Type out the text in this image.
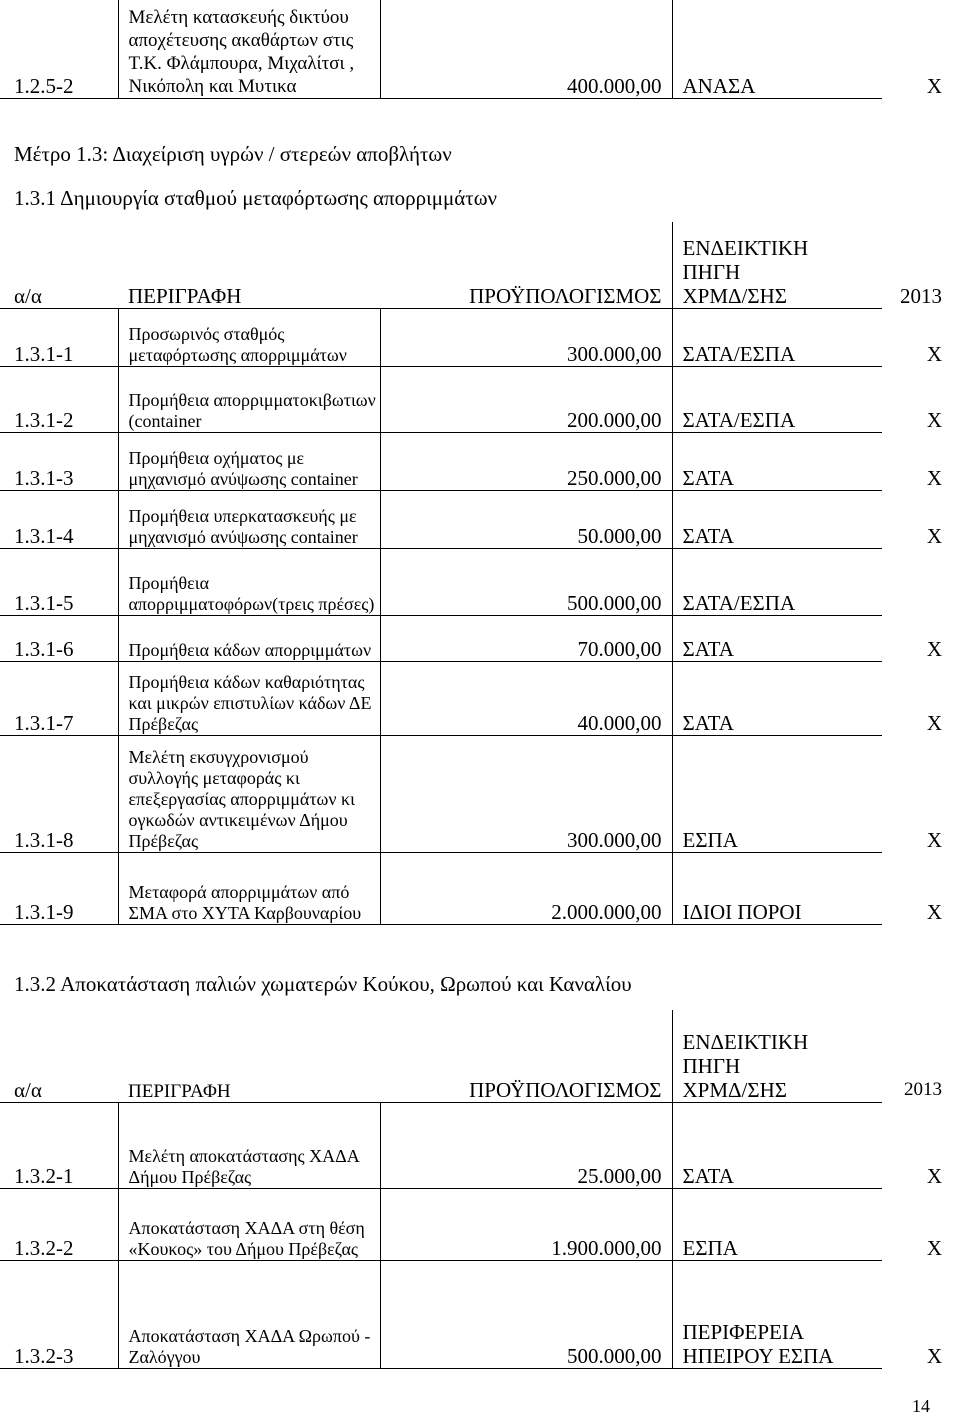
1.2.5-2	Μελέτη κατασκευής δικτύου αποχέτευσης ακαθάρτων στις Τ.Κ. Φλάμπουρα, Μιχαλίτσι , Νικόπολη και Μυτικα	400.000,00	ΑΝΑΣΑ	Χ
Μέτρο 1.3: Διαχείριση υγρών / στερεών αποβλήτων
1.3.1 Δημιουργία σταθμού μεταφόρτωσης απορριμμάτων
α/α	ΠΕΡΙΓΡΑΦΗ	ΠΡΟΫΠΟΛΟΓΙΣΜΟΣ	ΕΝΔΕΙΚΤΙΚΗ
ΠΗΓΗ
ΧΡΜΔ/ΣΗΣ	2013
1.3.1-1	Προσωρινός σταθμός μεταφόρτωσης απορριμμάτων	300.000,00	ΣΑΤΑ/ΕΣΠΑ	Χ
1.3.1-2	Προμήθεια απορριμματοκιβωτιων (container	200.000,00	ΣΑΤΑ/ΕΣΠΑ	Χ
1.3.1-3	Προμήθεια οχήματος με μηχανισμό ανύψωσης container	250.000,00	ΣΑΤΑ	Χ
1.3.1-4	Προμήθεια υπερκατασκευής με μηχανισμό ανύψωσης container	50.000,00	ΣΑΤΑ	Χ
1.3.1-5	Προμήθεια απορριμματοφόρων(τρεις πρέσες)	500.000,00	ΣΑΤΑ/ΕΣΠΑ	
1.3.1-6	Προμήθεια κάδων απορριμμάτων	70.000,00	ΣΑΤΑ	Χ
1.3.1-7	Προμήθεια κάδων καθαριότητας και μικρών επιστυλίων κάδων ΔΕ Πρέβεζας	40.000,00	ΣΑΤΑ	Χ
1.3.1-8	Μελέτη εκσυγχρονισμού συλλογής μεταφοράς κι επεξεργασίας απορριμμάτων κι ογκωδών αντικειμένων Δήμου Πρέβεζας	300.000,00	ΕΣΠΑ	Χ
1.3.1-9	Μεταφορά απορριμμάτων από ΣΜΑ στο ΧΥΤΑ Καρβουναρίου	2.000.000,00	ΙΔΙΟΙ ΠΟΡΟΙ	Χ
1.3.2 Αποκατάσταση παλιών χωματερών Κούκου, Ωρωπού και Καναλίου
α/α	ΠΕΡΙΓΡΑΦΗ	ΠΡΟΫΠΟΛΟΓΙΣΜΟΣ	ΕΝΔΕΙΚΤΙΚΗ
ΠΗΓΗ
ΧΡΜΔ/ΣΗΣ	2013
1.3.2-1	Μελέτη αποκατάστασης ΧΑΔΑ Δήμου Πρέβεζας	25.000,00	ΣΑΤΑ	Χ
1.3.2-2	Αποκατάσταση ΧΑΔΑ στη θέση «Κουκος» του Δήμου Πρέβεζας	1.900.000,00	ΕΣΠΑ	Χ
1.3.2-3	Αποκατάσταση ΧΑΔΑ Ωρωπού - Ζαλόγγου	500.000,00	ΠΕΡΙΦΕΡΕΙΑ
ΗΠΕΙΡΟΥ ΕΣΠΑ	Χ
14
